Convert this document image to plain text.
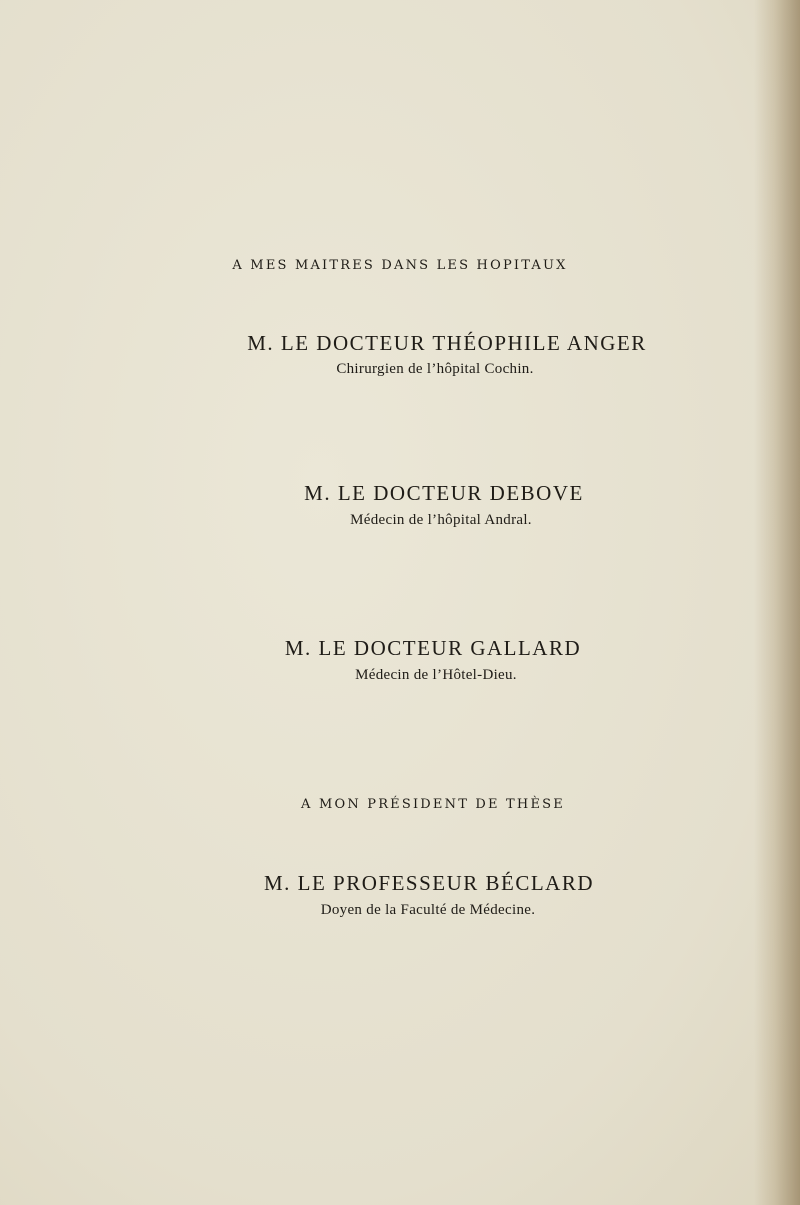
A MES MAITRES DANS LES HOPITAUX
M. LE DOCTEUR THÉOPHILE ANGER
Chirurgien de l’hôpital Cochin.
M. LE DOCTEUR DEBOVE
Médecin de l’hôpital Andral.
M. LE DOCTEUR GALLARD
Médecin de l’Hôtel-Dieu.
A MON PRÉSIDENT DE THÈSE
M. LE PROFESSEUR BÉCLARD
Doyen de la Faculté de Médecine.
